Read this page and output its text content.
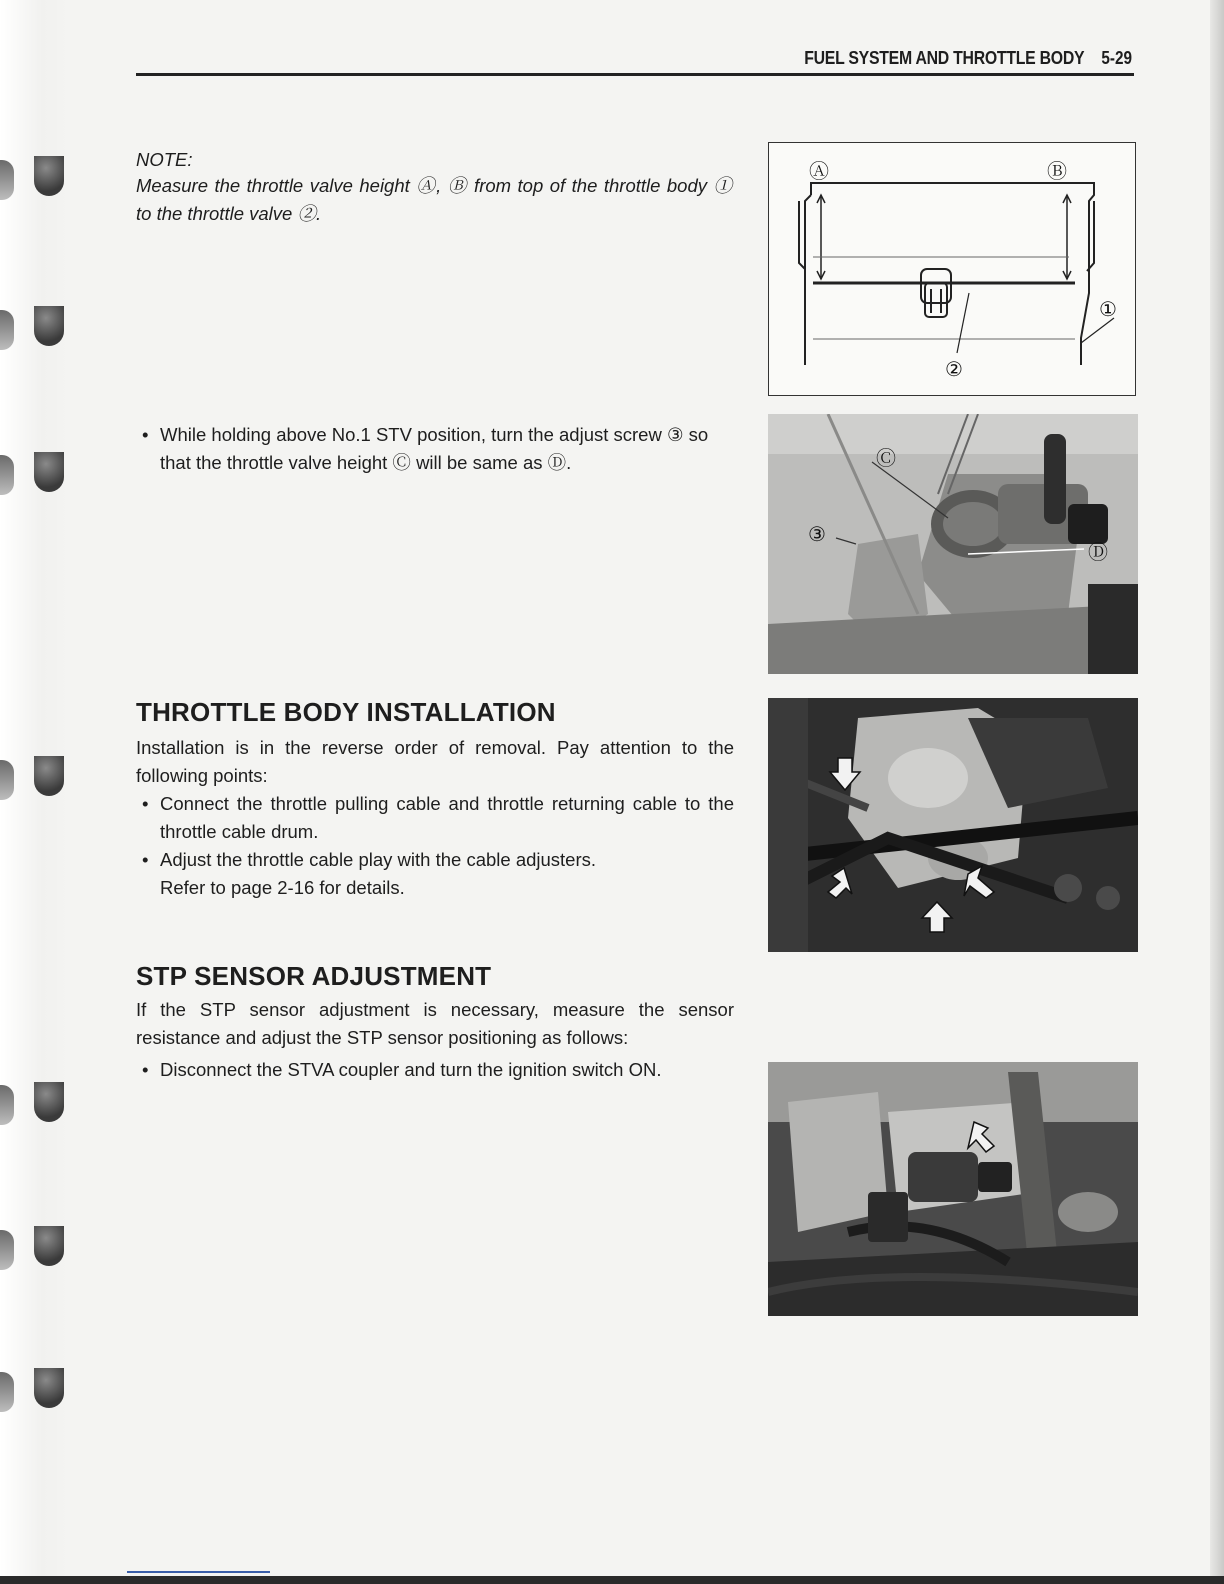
FUEL SYSTEM AND THROTTLE BODY 5-29
NOTE:
Measure the throttle valve height Ⓐ, Ⓑ from top of the throttle body ① to the throttle valve ②.
• While holding above No.1 STV position, turn the adjust screw ③ so that the throttle valve height Ⓒ will be same as Ⓓ.
Ⓐ	Ⓑ
①
②
Ⓒ
③
Ⓓ
THROTTLE BODY INSTALLATION
Installation is in the reverse order of removal. Pay attention to the following points:
• Connect the throttle pulling cable and throttle returning cable to the throttle cable drum.
• Adjust the throttle cable play with the cable adjusters.
Refer to page 2-16 for details.
STP SENSOR ADJUSTMENT
If the STP sensor adjustment is necessary, measure the sensor resistance and adjust the STP sensor positioning as follows:
• Disconnect the STVA coupler and turn the ignition switch ON.
